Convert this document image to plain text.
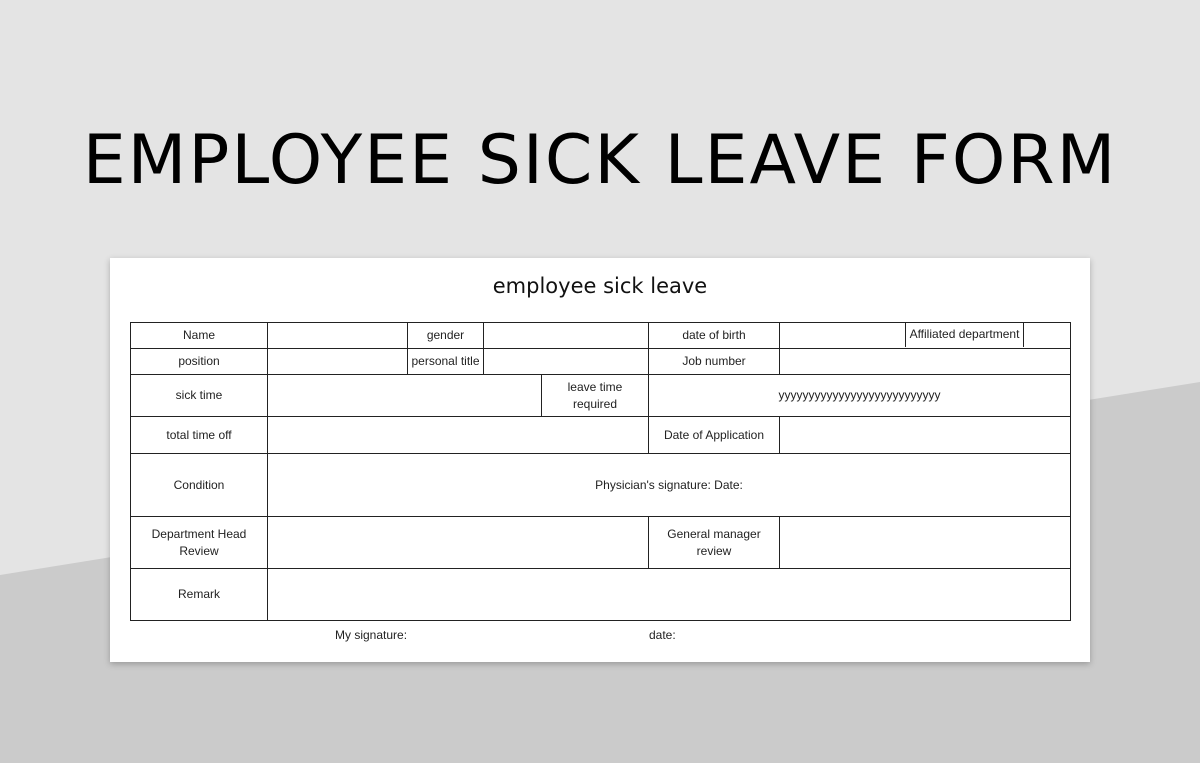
EMPLOYEE SICK LEAVE FORM
employee sick leave
Name		gender			date of birth	Affiliated department

position		personal title			Job number	
sick time				leave time required	yyyyyyyyyyyyyyyyyyyyyyyyyyy	
total time off					Date of Application	
Condition	Physician's signature: Date:					
Department Head Review					General manager review	
Remark						
My signature:	date:
